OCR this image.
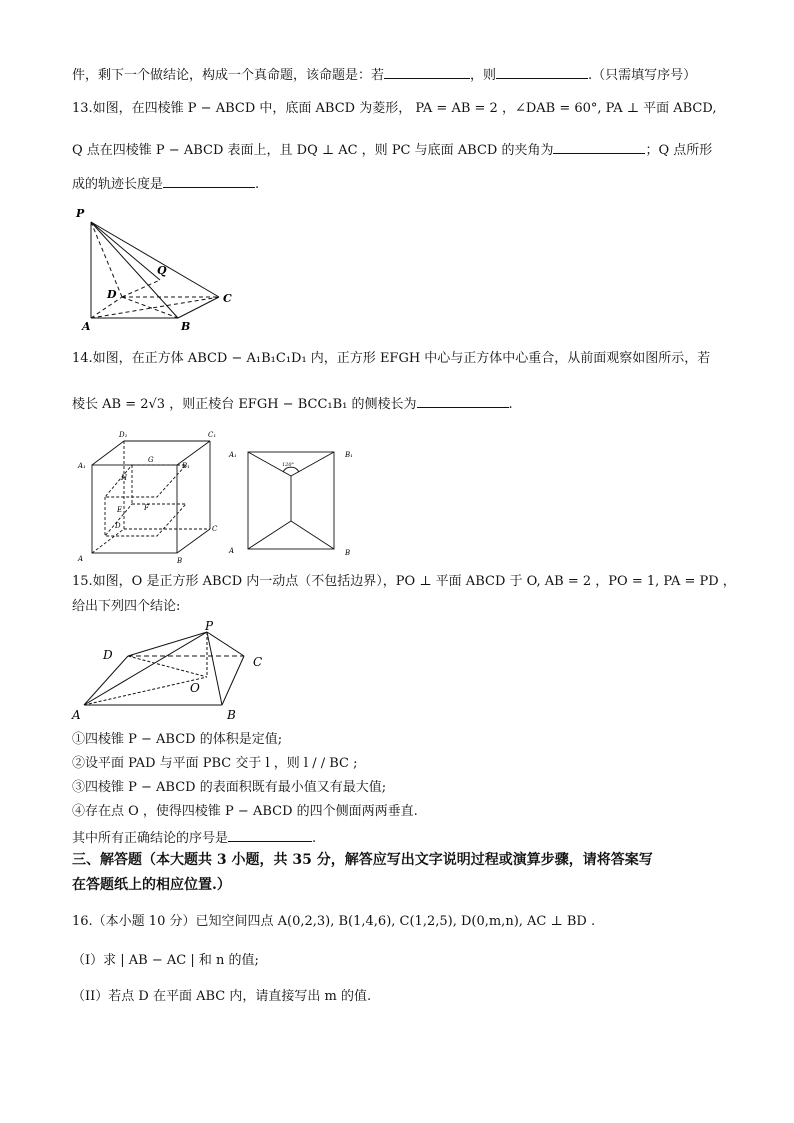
件，剩下一个做结论，构成一个真命题，该命题是：若	，则	.（只需填写序号）
13.如图，在四棱锥 P − ABCD 中，底面 ABCD 为菱形， PA = AB = 2 ，∠DAB = 60°, PA ⊥ 平面 ABCD,
Q 点在四棱锥 P − ABCD 表面上，且 DQ ⊥ AC ，则 PC 与底面 ABCD 的夹角为	；Q 点所形
成的轨迹长度是	.
P
Q
D	C
A	B
D₁	C₁
A₁	B₁
G
H
E	F
D	C
A	B
A₁	B₁
120°
A	B
P
D	C
O
A	B
14.如图，在正方体 ABCD − A₁B₁C₁D₁ 内，正方形 EFGH 中心与正方体中心重合，从前面观察如图所示，若
棱长 AB = 2√3 ，则正棱台 EFGH − BCC₁B₁ 的侧棱长为	.
15.如图，O 是正方形 ABCD 内一动点（不包括边界），PO ⊥ 平面 ABCD 于 O, AB = 2 ，PO = 1, PA = PD ，
给出下列四个结论:
①四棱锥 P − ABCD 的体积是定值;
②设平面 PAD 与平面 PBC 交于 l ，则 l / / BC ;
③四棱锥 P − ABCD 的表面积既有最小值又有最大值;
④存在点 O ，使得四棱锥 P − ABCD 的四个侧面两两垂直.
其中所有正确结论的序号是	.
三、解答题（本大题共 3 小题，共 35 分，解答应写出文字说明过程或演算步骤，请将答案写
在答题纸上的相应位置.）
16.（本小题 10 分）已知空间四点 A(0,2,3), B(1,4,6), C(1,2,5), D(0,m,n), AC ⊥ BD .
（I）求 | AB − AC | 和 n 的值;
（II）若点 D 在平面 ABC 内，请直接写出 m 的值.
